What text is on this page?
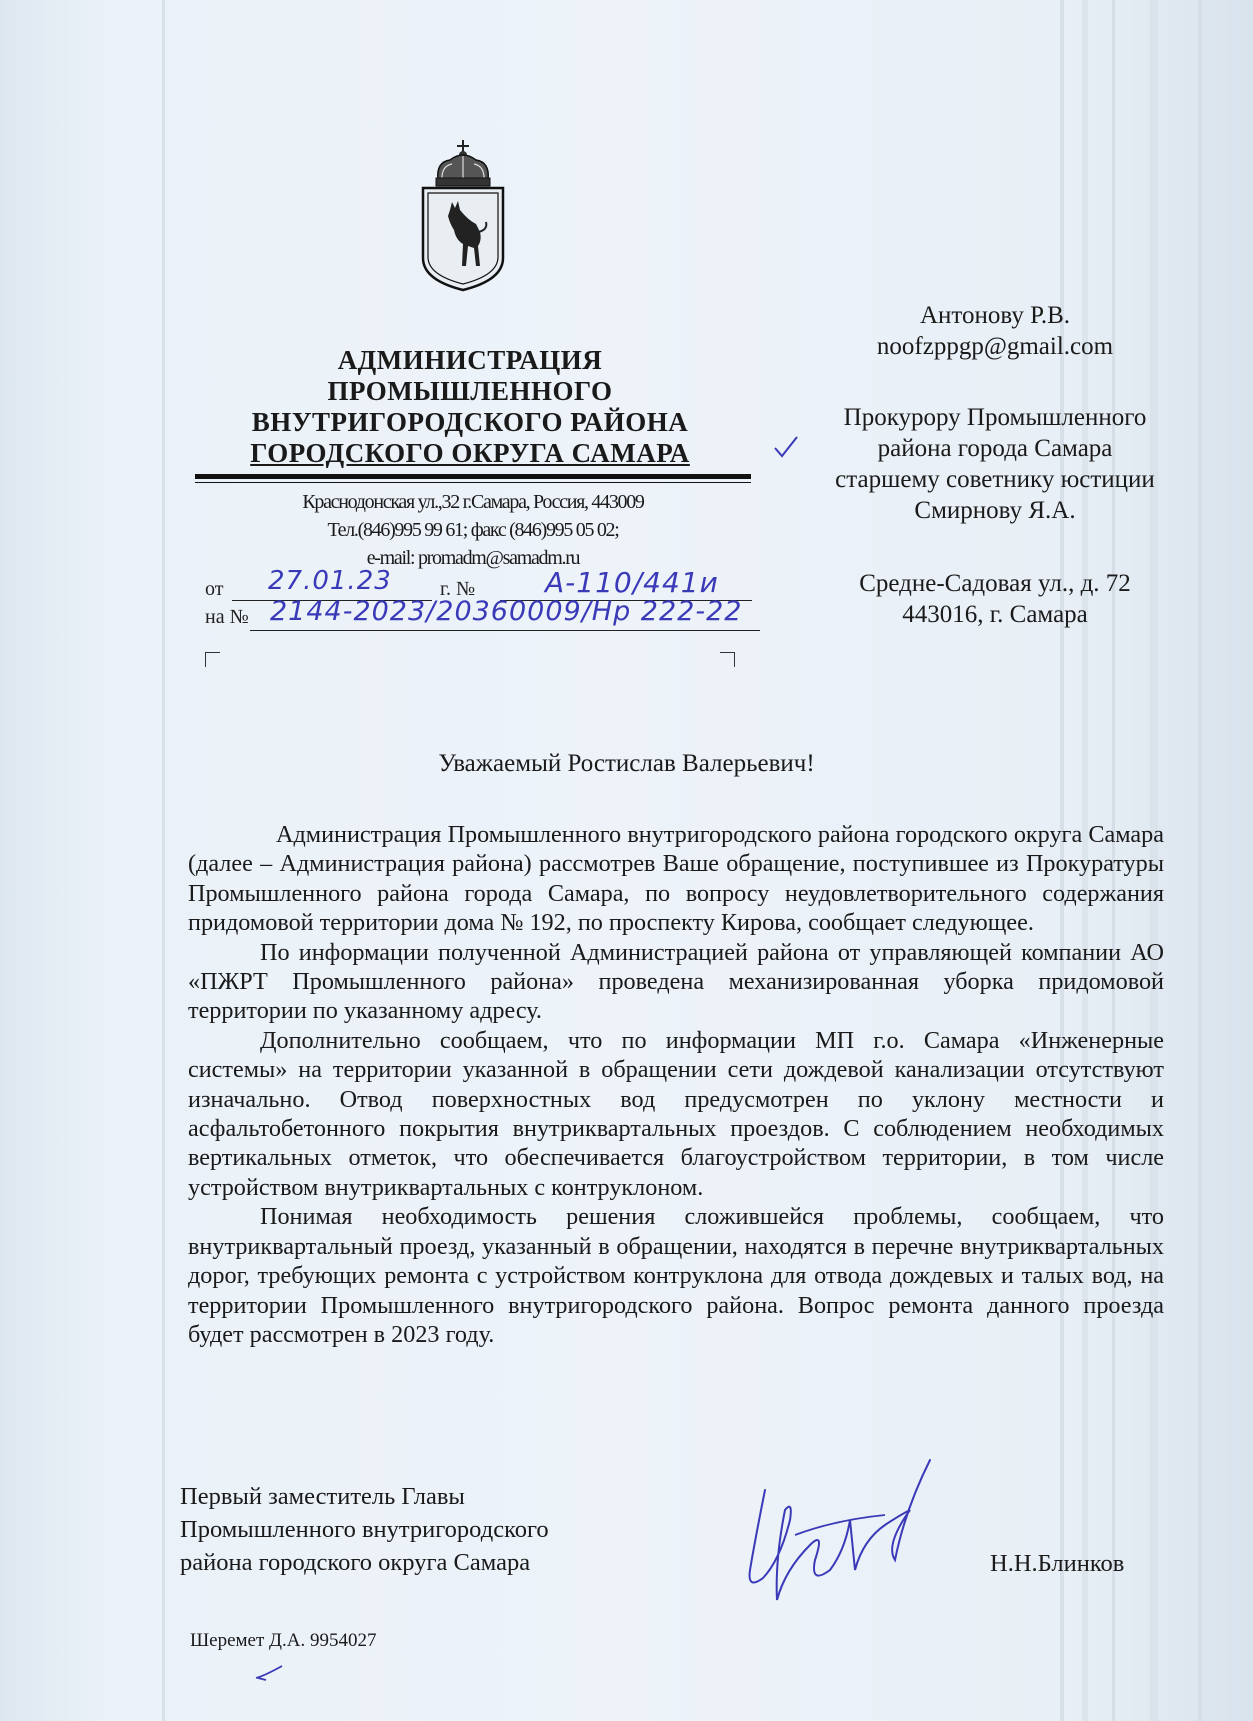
АДМИНИСТРАЦИЯ
ПРОМЫШЛЕННОГО
ВНУТРИГОРОДСКОГО РАЙОНА
ГОРОДСКОГО ОКРУГА САМАРА
Краснодонская ул.,32 г.Самара, Россия, 443009
Тел.(846)995 99 61; факс (846)995 05 02;
e-mail: promadm@samadm.ru
от 27.01.23 г. № А-110/441и
на № 2144-2023/20360009/Нр 222-22
Антонову Р.В.
noofzppgp@gmail.com
Прокурору Промышленного
района города Самара
старшему советнику юстиции
Смирнову Я.А.
Средне-Садовая ул., д. 72
443016, г. Самара
Уважаемый Ростислав Валерьевич!

Администрация Промышленного внутригородского района городского округа Самара (далее – Администрация района) рассмотрев Ваше обращение, поступившее из Прокуратуры Промышленного района города Самара, по вопросу неудовлетворительного содержания придомовой территории дома № 192, по проспекту Кирова, сообщает следующее.

По информации полученной Администрацией района от управляющей компании АО «ПЖРТ Промышленного района» проведена механизированная уборка придомовой территории по указанному адресу.

Дополнительно сообщаем, что по информации МП г.о. Самара «Инженерные системы» на территории указанной в обращении сети дождевой канализации отсутствуют изначально. Отвод поверхностных вод предусмотрен по уклону местности и асфальтобетонного покрытия внутриквартальных проездов. С соблюдением необходимых вертикальных отметок, что обеспечивается благоустройством территории, в том числе устройством внутриквартальных с контруклоном.

Понимая необходимость решения сложившейся проблемы, сообщаем, что внутриквартальный проезд, указанный в обращении, находятся в перечне внутриквартальных дорог, требующих ремонта с устройством контруклона для отвода дождевых и талых вод, на территории Промышленного внутригородского района. Вопрос ремонта данного проезда будет рассмотрен в 2023 году.

Первый заместитель Главы
Промышленного внутригородского
района городского округа Самара	Н.Н.Блинков
Шеремет Д.А. 9954027
